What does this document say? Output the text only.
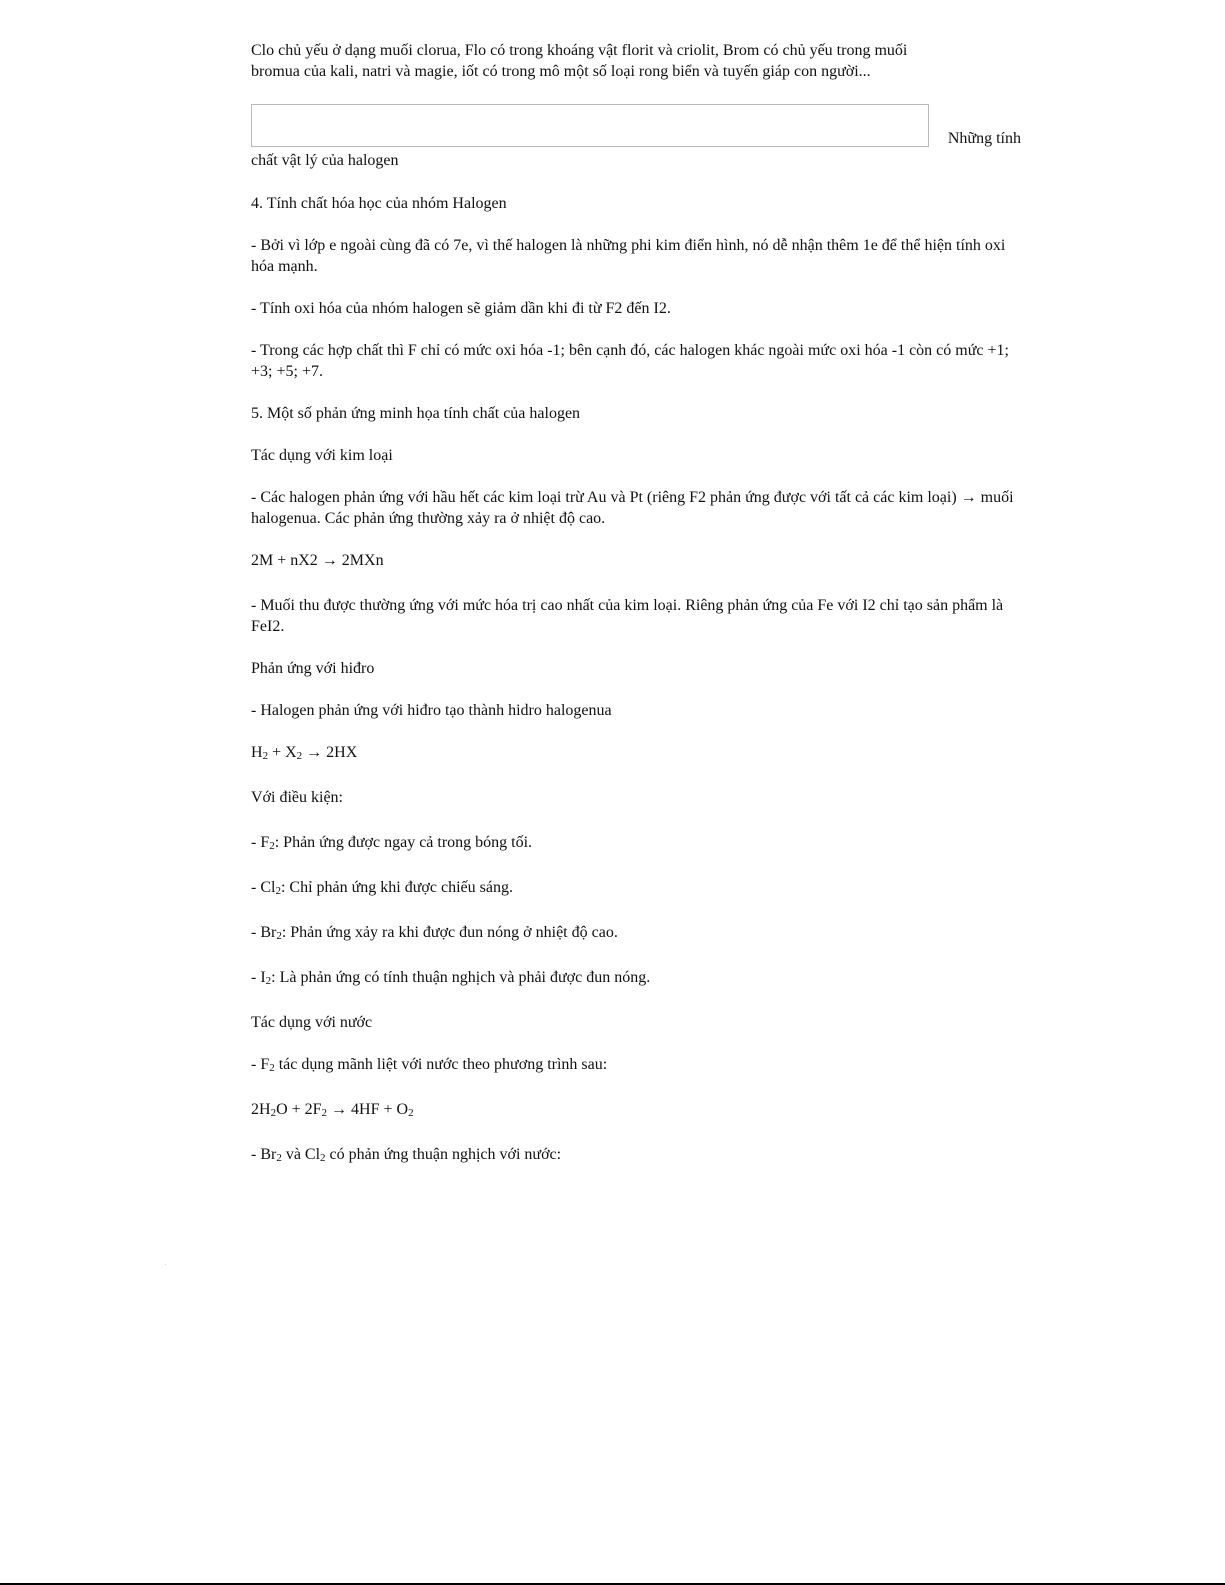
Clo chủ yếu ở dạng muối clorua, Flo có trong khoáng vật florit và criolit, Brom có chủ yếu trong muối

bromua của kali, natri và magie, iốt có trong mô một số loại rong biển và tuyến giáp con người...

Những tính

chất vật lý của halogen

4. Tính chất hóa học của nhóm Halogen

- Bởi vì lớp e ngoài cùng đã có 7e, vì thế halogen là những phi kim điển hình, nó dễ nhận thêm 1e để thể hiện tính oxi hóa mạnh.

- Tính oxi hóa của nhóm halogen sẽ giảm dần khi đi từ F2 đến I2.

- Trong các hợp chất thì F chỉ có mức oxi hóa -1; bên cạnh đó, các halogen khác ngoài mức oxi hóa -1 còn có mức +1; +3; +5; +7.

5. Một số phản ứng minh họa tính chất của halogen

Tác dụng với kim loại

- Các halogen phản ứng với hầu hết các kim loại trừ Au và Pt (riêng F2 phản ứng được với tất cả các kim loại) → muối halogenua. Các phản ứng thường xảy ra ở nhiệt độ cao.

2M + nX2 → 2MXn

- Muối thu được thường ứng với mức hóa trị cao nhất của kim loại. Riêng phản ứng của Fe với I2 chỉ tạo sản phẩm là FeI2.

Phản ứng với hiđro

- Halogen phản ứng với hiđro tạo thành hidro halogenua

$H_2 + X_2 \to 2HX$

Với điều kiện:

- $F_2$: Phản ứng được ngay cả trong bóng tối.

- $Cl_2$: Chỉ phản ứng khi được chiếu sáng.

- $Br_2$: Phản ứng xảy ra khi được đun nóng ở nhiệt độ cao.

- $I_2$: Là phản ứng có tính thuận nghịch và phải được đun nóng.

Tác dụng với nước

- $F_2$ tác dụng mãnh liệt với nước theo phương trình sau:

$2H_2O + 2F_2 \to 4HF + O_2$

- $Br_2$ và $Cl_2$ có phản ứng thuận nghịch với nước:
